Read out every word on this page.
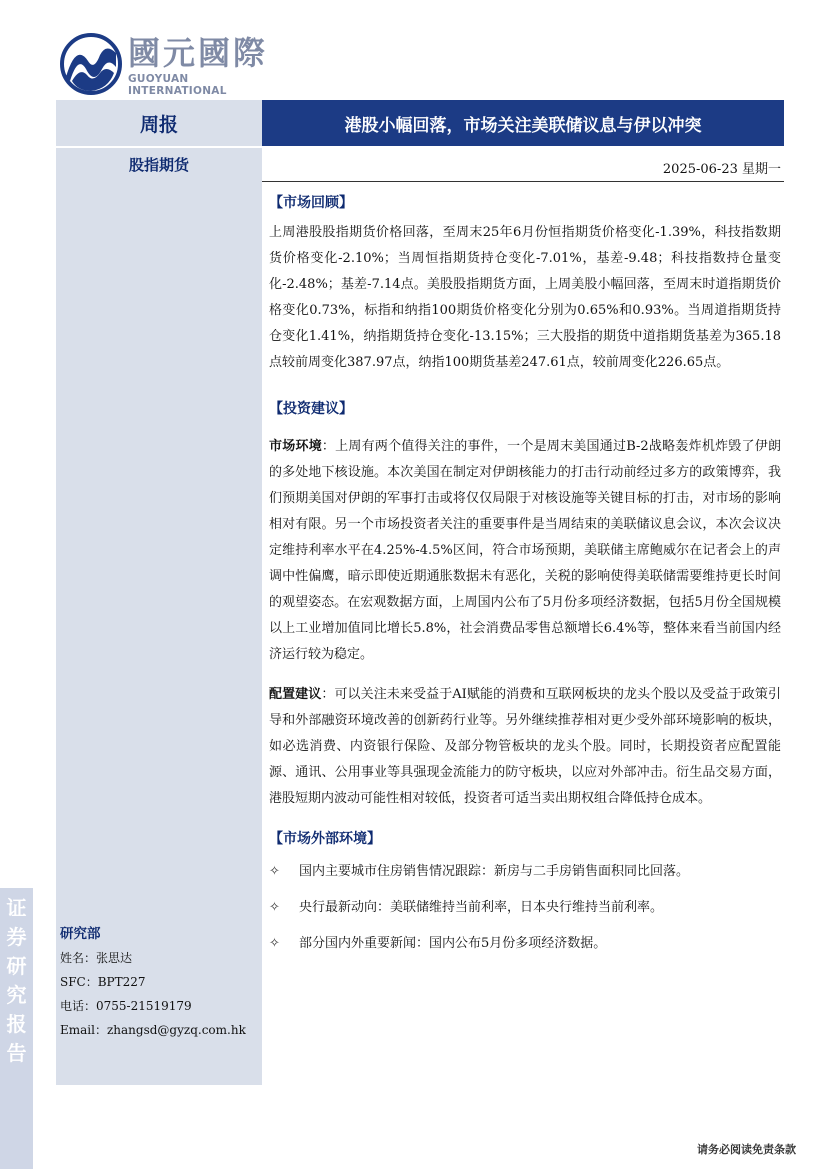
國元國際
GUOYUAN INTERNATIONAL
周报	港股小幅回落，市场关注美联储议息与伊以冲突
股指期货	2025-06-23 星期一
研究部
姓名：张思达
SFC：BPT227
电话：0755-21519179
Email：zhangsd@gyzq.com.hk
证
券
研
究
报
告
【市场回顾】
上周港股股指期货价格回落，至周末25年6月份恒指期货价格变化-1.39%，科技指数期货价格变化-2.10%；当周恒指期货持仓变化-7.01%，基差-9.48；科技指数持仓量变化-2.48%；基差-7.14点。美股股指期货方面，上周美股小幅回落，至周末时道指期货价格变化0.73%，标指和纳指100期货价格变化分别为0.65%和0.93%。当周道指期货持仓变化1.41%，纳指期货持仓变化-13.15%；三大股指的期货中道指期货基差为365.18点较前周变化387.97点，纳指100期货基差247.61点，较前周变化226.65点。
【投资建议】
市场环境：上周有两个值得关注的事件，一个是周末美国通过B-2战略轰炸机炸毁了伊朗的多处地下核设施。本次美国在制定对伊朗核能力的打击行动前经过多方的政策博弈，我们预期美国对伊朗的军事打击或将仅仅局限于对核设施等关键目标的打击，对市场的影响相对有限。另一个市场投资者关注的重要事件是当周结束的美联储议息会议，本次会议决定维持利率水平在4.25%-4.5%区间，符合市场预期，美联储主席鲍威尔在记者会上的声调中性偏鹰，暗示即使近期通胀数据未有恶化，关税的影响使得美联储需要维持更长时间的观望姿态。在宏观数据方面，上周国内公布了5月份多项经济数据，包括5月份全国规模以上工业增加值同比增长5.8%，社会消费品零售总额增长6.4%等，整体来看当前国内经济运行较为稳定。
配置建议：可以关注未来受益于AI赋能的消费和互联网板块的龙头个股以及受益于政策引导和外部融资环境改善的创新药行业等。另外继续推荐相对更少受外部环境影响的板块，如必选消费、内资银行保险、及部分物管板块的龙头个股。同时，长期投资者应配置能源、通讯、公用事业等具强现金流能力的防守板块，以应对外部冲击。衍生品交易方面，港股短期内波动可能性相对较低，投资者可适当卖出期权组合降低持仓成本。
【市场外部环境】
✧ 国内主要城市住房销售情况跟踪：新房与二手房销售面积同比回落。
✧ 央行最新动向：美联储维持当前利率，日本央行维持当前利率。
✧ 部分国内外重要新闻：国内公布5月份多项经济数据。
请务必阅读免责条款
